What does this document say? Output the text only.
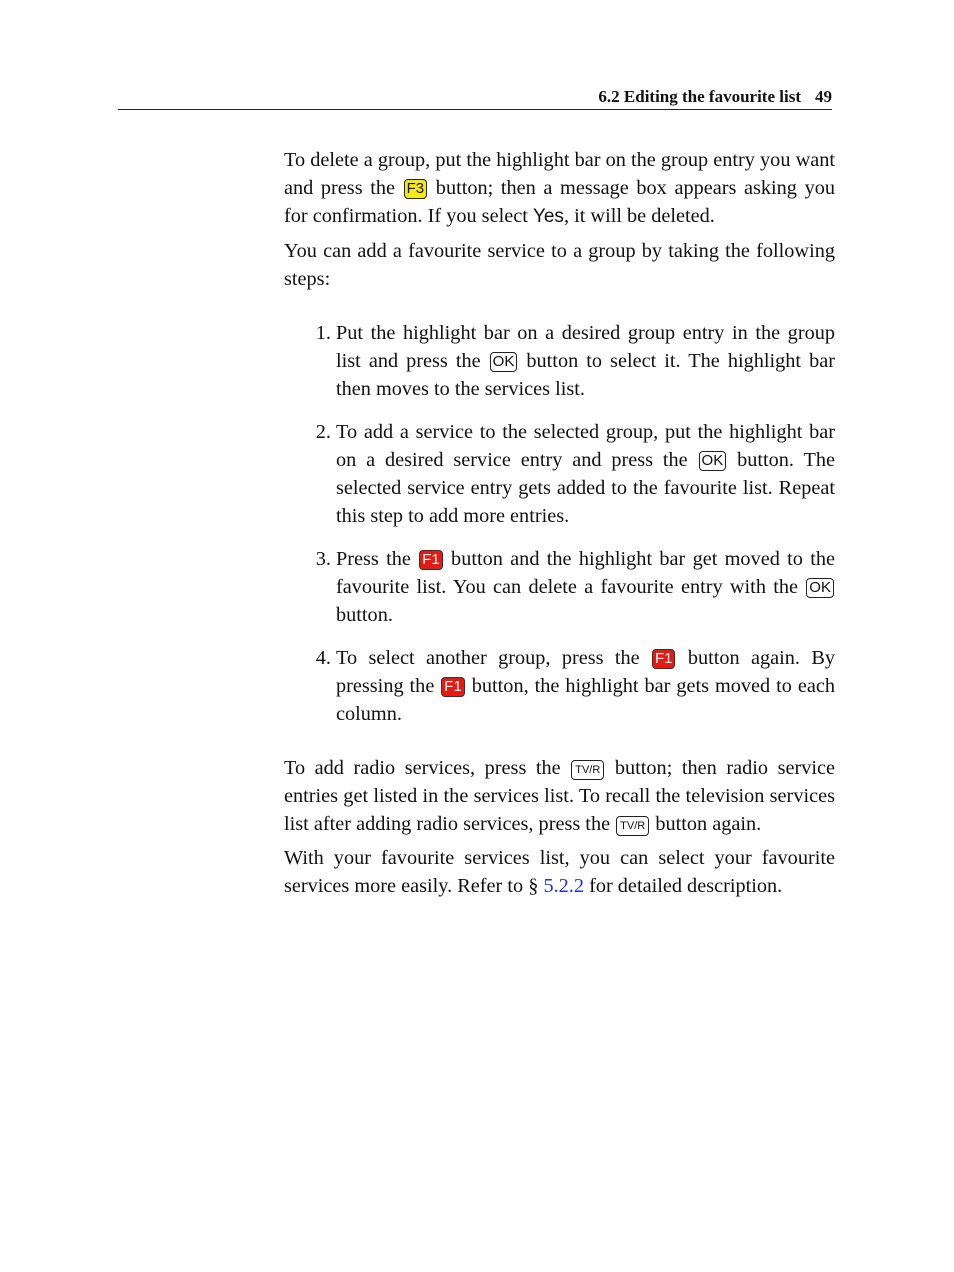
6.2 Editing the favourite list 49

To delete a group, put the highlight bar on the group entry you want and press the F3 button; then a message box appears asking you for confirmation. If you select Yes, it will be deleted.

You can add a favourite service to a group by taking the following steps:

1. Put the highlight bar on a desired group entry in the group list and press the OK button to select it. The highlight bar then moves to the services list.
2. To add a service to the selected group, put the highlight bar on a desired service entry and press the OK button. The selected service entry gets added to the favourite list. Repeat this step to add more entries.
3. Press the F1 button and the highlight bar get moved to the favourite list. You can delete a favourite entry with the OK button.
4. To select another group, press the F1 button again. By pressing the F1 button, the highlight bar gets moved to each column.

To add radio services, press the TV/R button; then radio service entries get listed in the services list. To recall the television services list after adding radio services, press the TV/R button again.

With your favourite services list, you can select your favourite services more easily. Refer to § 5.2.2 for detailed description.
